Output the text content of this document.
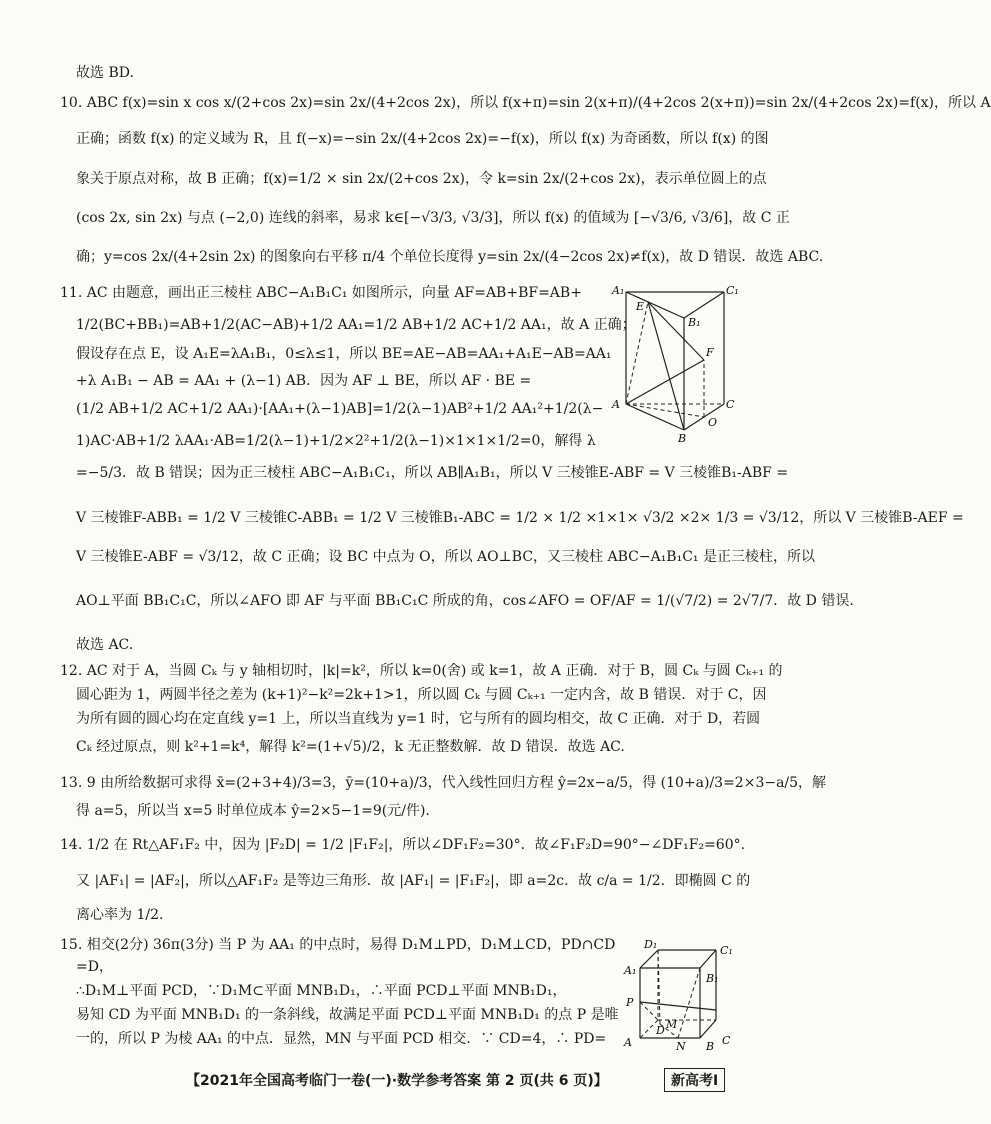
故选 BD.
10. ABC f(x)=sin x cos x/(2+cos 2x)=sin 2x/(4+2cos 2x)，所以 f(x+π)=sin 2(x+π)/(4+2cos 2(x+π))=sin 2x/(4+2cos 2x)=f(x)，所以 A
正确；函数 f(x) 的定义域为 R，且 f(−x)=−sin 2x/(4+2cos 2x)=−f(x)，所以 f(x) 为奇函数，所以 f(x) 的图
象关于原点对称，故 B 正确；f(x)=1/2 × sin 2x/(2+cos 2x)，令 k=sin 2x/(2+cos 2x)，表示单位圆上的点
(cos 2x, sin 2x) 与点 (−2,0) 连线的斜率，易求 k∈[−√3/3, √3/3]，所以 f(x) 的值域为 [−√3/6, √3/6]，故 C 正
确；y=cos 2x/(4+2sin 2x) 的图象向右平移 π/4 个单位长度得 y=sin 2x/(4−2cos 2x)≠f(x)，故 D 错误．故选 ABC.
11. AC 由题意，画出正三棱柱 ABC−A₁B₁C₁ 如图所示，向量 AF=AB+BF=AB+
1/2(BC+BB₁)=AB+1/2(AC−AB)+1/2 AA₁=1/2 AB+1/2 AC+1/2 AA₁，故 A 正确；
假设存在点 E，设 A₁E=λA₁B₁，0≤λ≤1，所以 BE=AE−AB=AA₁+A₁E−AB=AA₁
+λ A₁B₁ − AB = AA₁ + (λ−1) AB．因为 AF ⊥ BE，所以 AF · BE =
(1/2 AB+1/2 AC+1/2 AA₁)·[AA₁+(λ−1)AB]=1/2(λ−1)AB²+1/2 AA₁²+1/2(λ−
1)AC·AB+1/2 λAA₁·AB=1/2(λ−1)+1/2×2²+1/2(λ−1)×1×1×1/2=0，解得 λ
=−5/3．故 B 错误；因为正三棱柱 ABC−A₁B₁C₁，所以 AB∥A₁B₁，所以 V 三棱锥E-ABF = V 三棱锥B₁-ABF =
V 三棱锥F-ABB₁ = 1/2 V 三棱锥C-ABB₁ = 1/2 V 三棱锥B₁-ABC = 1/2 × 1/2 ×1×1× √3/2 ×2× 1/3 = √3/12，所以 V 三棱锥B-AEF =
V 三棱锥E-ABF = √3/12，故 C 正确；设 BC 中点为 O，所以 AO⊥BC，又三棱柱 ABC−A₁B₁C₁ 是正三棱柱，所以
AO⊥平面 BB₁C₁C，所以∠AFO 即 AF 与平面 BB₁C₁C 所成的角，cos∠AFO = OF/AF = 1/(√7/2) = 2√7/7．故 D 错误.
故选 AC.
12. AC 对于 A，当圆 Cₖ 与 y 轴相切时，|k|=k²，所以 k=0(舍) 或 k=1，故 A 正确．对于 B，圆 Cₖ 与圆 Cₖ₊₁ 的
圆心距为 1，两圆半径之差为 (k+1)²−k²=2k+1>1，所以圆 Cₖ 与圆 Cₖ₊₁ 一定内含，故 B 错误．对于 C，因
为所有圆的圆心均在定直线 y=1 上，所以当直线为 y=1 时，它与所有的圆均相交，故 C 正确．对于 D，若圆
Cₖ 经过原点，则 k²+1=k⁴，解得 k²=(1+√5)/2，k 无正整数解．故 D 错误．故选 AC.
13. 9 由所给数据可求得 x̄=(2+3+4)/3=3，ȳ=(10+a)/3，代入线性回归方程 ŷ=2x−a/5，得 (10+a)/3=2×3−a/5，解
得 a=5，所以当 x=5 时单位成本 ŷ=2×5−1=9(元/件).
14. 1/2 在 Rt△AF₁F₂ 中，因为 |F₂D| = 1/2 |F₁F₂|，所以∠DF₁F₂=30°．故∠F₁F₂D=90°−∠DF₁F₂=60°.
又 |AF₁| = |AF₂|，所以△AF₁F₂ 是等边三角形．故 |AF₁| = |F₁F₂|，即 a=2c．故 c/a = 1/2．即椭圆 C 的
离心率为 1/2.
15. 相交(2分) 36π(3分) 当 P 为 AA₁ 的中点时，易得 D₁M⊥PD，D₁M⊥CD，PD∩CD
=D，
∴D₁M⊥平面 PCD，∵D₁M⊂平面 MNB₁D₁，∴平面 PCD⊥平面 MNB₁D₁，
易知 CD 为平面 MNB₁D₁ 的一条斜线，故满足平面 PCD⊥平面 MNB₁D₁ 的点 P 是唯
一的，所以 P 为棱 AA₁ 的中点．显然，MN 与平面 PCD 相交．∵ CD=4，∴ PD=
A₁	C₁
E
B₁
F
A	C
O
B
D₁	C₁
A₁
B₁
P
D M
C
A	N B
【2021年全国高考临门一卷(一)·数学参考答案 第 2 页(共 6 页)】	新高考Ⅰ
